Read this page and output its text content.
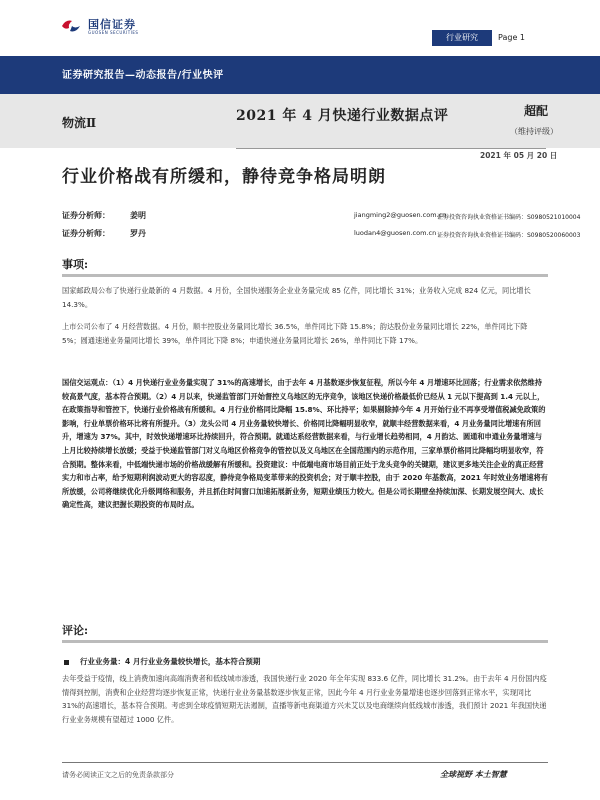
国信证券
GUOSEN SECURITIES
行业研究	Page 1
证券研究报告—动态报告/行业快评
物流Ⅱ	2021 年 4 月快递行业数据点评	超配
（维持评级）
2021 年 05 月 20 日
行业价格战有所缓和，静待竞争格局明朗
证券分析师：	姜明	jiangming2@guosen.com.cn
证券投资咨询执业资格证书编码：S0980521010004
证券分析师：	罗丹	luodan4@guosen.com.cn 证券投资咨询执业资格证书编码：S0980520060003
事项:
国家邮政局公布了快递行业最新的 4 月数据。4 月份，全国快递服务企业业务量完成 85 亿件，同比增长 31%；业务收入完成 824 亿元，同比增长 14.3%。
上市公司公布了 4 月经营数据。4 月份，顺丰控股业务量同比增长 36.5%，单件同比下降 15.8%；韵达股份业务量同比增长 22%，单件同比下降 5%；圆通速递业务量同比增长 39%，单件同比下降 8%；申通快递业务量同比增长 26%，单件同比下降 17%。
国信交运观点：（1）4 月快递行业业务量实现了 31%的高速增长，由于去年 4 月基数逐步恢复征程，所以今年 4 月增速环比回落；行业需求依然维持较高景气度，基本符合预期。（2）4 月以来，快递监管部门开始督控义乌地区的无序竞争，该地区快递价格最低价已经从 1 元以下提高到 1.4 元以上，在政策指导和管控下，快递行业价格战有所缓和。4 月行业价格同比降幅 15.8%、环比持平；如果剔除掉今年 4 月开始行业不再享受增值税减免政策的影响，行业单票价格环比将有所提升。（3）龙头公司 4 月业务量较快增长、价格同比降幅明显收窄，就顺丰经营数据来看，4 月业务量同比增速有所回升，增速为 37%。其中，时效快递增速环比持续回升，符合预期。就通达系经营数据来看，与行业增长趋势相同，4 月韵达、圆通和申通业务量增速与上月比较持续增长放缓；受益于快递监管部门对义乌地区价格竞争的管控以及义乌地区在全国范围内的示范作用，三家单票价格同比降幅均明显收窄，符合预期。整体来看，中低端快递市场的价格战缓解有所缓和。投资建议：中低端电商市场目前正处于龙头竞争的关键期，建议更多地关注企业的真正经营实力和市占率，给予短期利润波动更大的容忍度，静待竞争格局变革带来的投资机会；对于顺丰控股，由于 2020 年基数高，2021 年时效业务增速将有所放缓，公司将继续优化升级网络和服务，并且抓住时间窗口加速拓展新业务，短期业绩压力较大。但是公司长期壁垒持续加深、长期发展空间大、成长确定性高，建议把握长期投资的布局时点。
评论:
行业业务量：4 月行业业务量较快增长，基本符合预期
去年受益于疫情，线上消费加速向高端消费者和低线城市渗透，我国快递行业 2020 年全年实现 833.6 亿件，同比增长 31.2%。由于去年 4 月份国内疫情得到控制，消费和企业经营均逐步恢复正常，快递行业业务量基数逐步恢复正常，因此今年 4 月行业业务量增速也逐步回落到正常水平，实现同比 31%的高速增长，基本符合预期。考虑到全球疫情短期无法遏制，直播等新电商渠道方兴未艾以及电商继续向低线城市渗透，我们预计 2021 年我国快递行业业务规模有望超过 1000 亿件。
请务必阅读正文之后的免责条款部分	全球视野 本土智慧
